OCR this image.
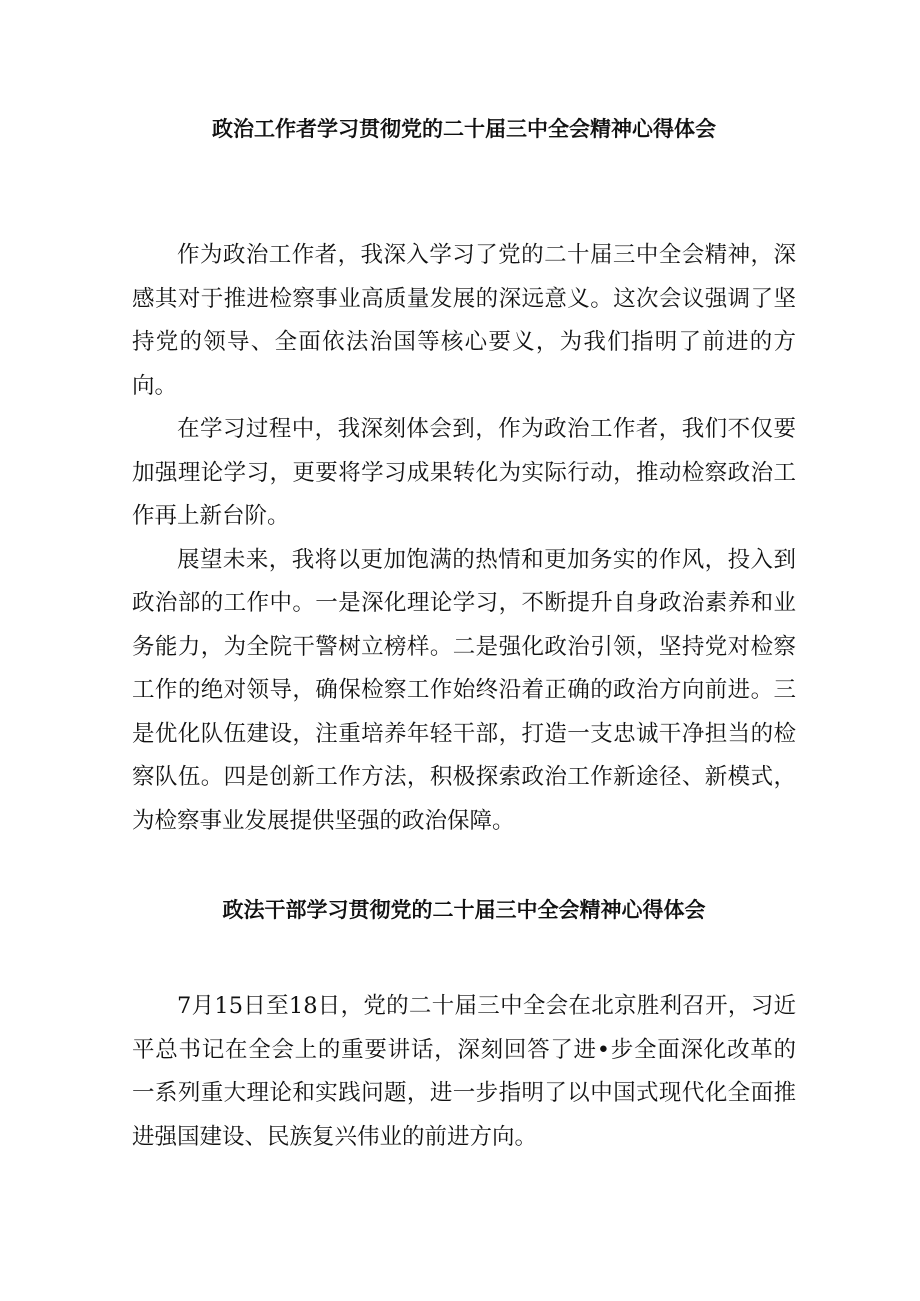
政治工作者学习贯彻党的二十届三中全会精神心得体会

作为政治工作者，我深入学习了党的二十届三中全会精神，深感其对于推进检察事业高质量发展的深远意义。这次会议强调了坚持党的领导、全面依法治国等核心要义，为我们指明了前进的方向。

在学习过程中，我深刻体会到，作为政治工作者，我们不仅要加强理论学习，更要将学习成果转化为实际行动，推动检察政治工作再上新台阶。

展望未来，我将以更加饱满的热情和更加务实的作风，投入到政治部的工作中。一是深化理论学习，不断提升自身政治素养和业务能力，为全院干警树立榜样。二是强化政治引领，坚持党对检察工作的绝对领导，确保检察工作始终沿着正确的政治方向前进。三是优化队伍建设，注重培养年轻干部，打造一支忠诚干净担当的检察队伍。四是创新工作方法，积极探索政治工作新途径、新模式，为检察事业发展提供坚强的政治保障。

政法干部学习贯彻党的二十届三中全会精神心得体会

7月15日至18日，党的二十届三中全会在北京胜利召开，习近平总书记在全会上的重要讲话，深刻回答了进•步全面深化改革的一系列重大理论和实践问题，进一步指明了以中国式现代化全面推进强国建设、民族复兴伟业的前进方向。
